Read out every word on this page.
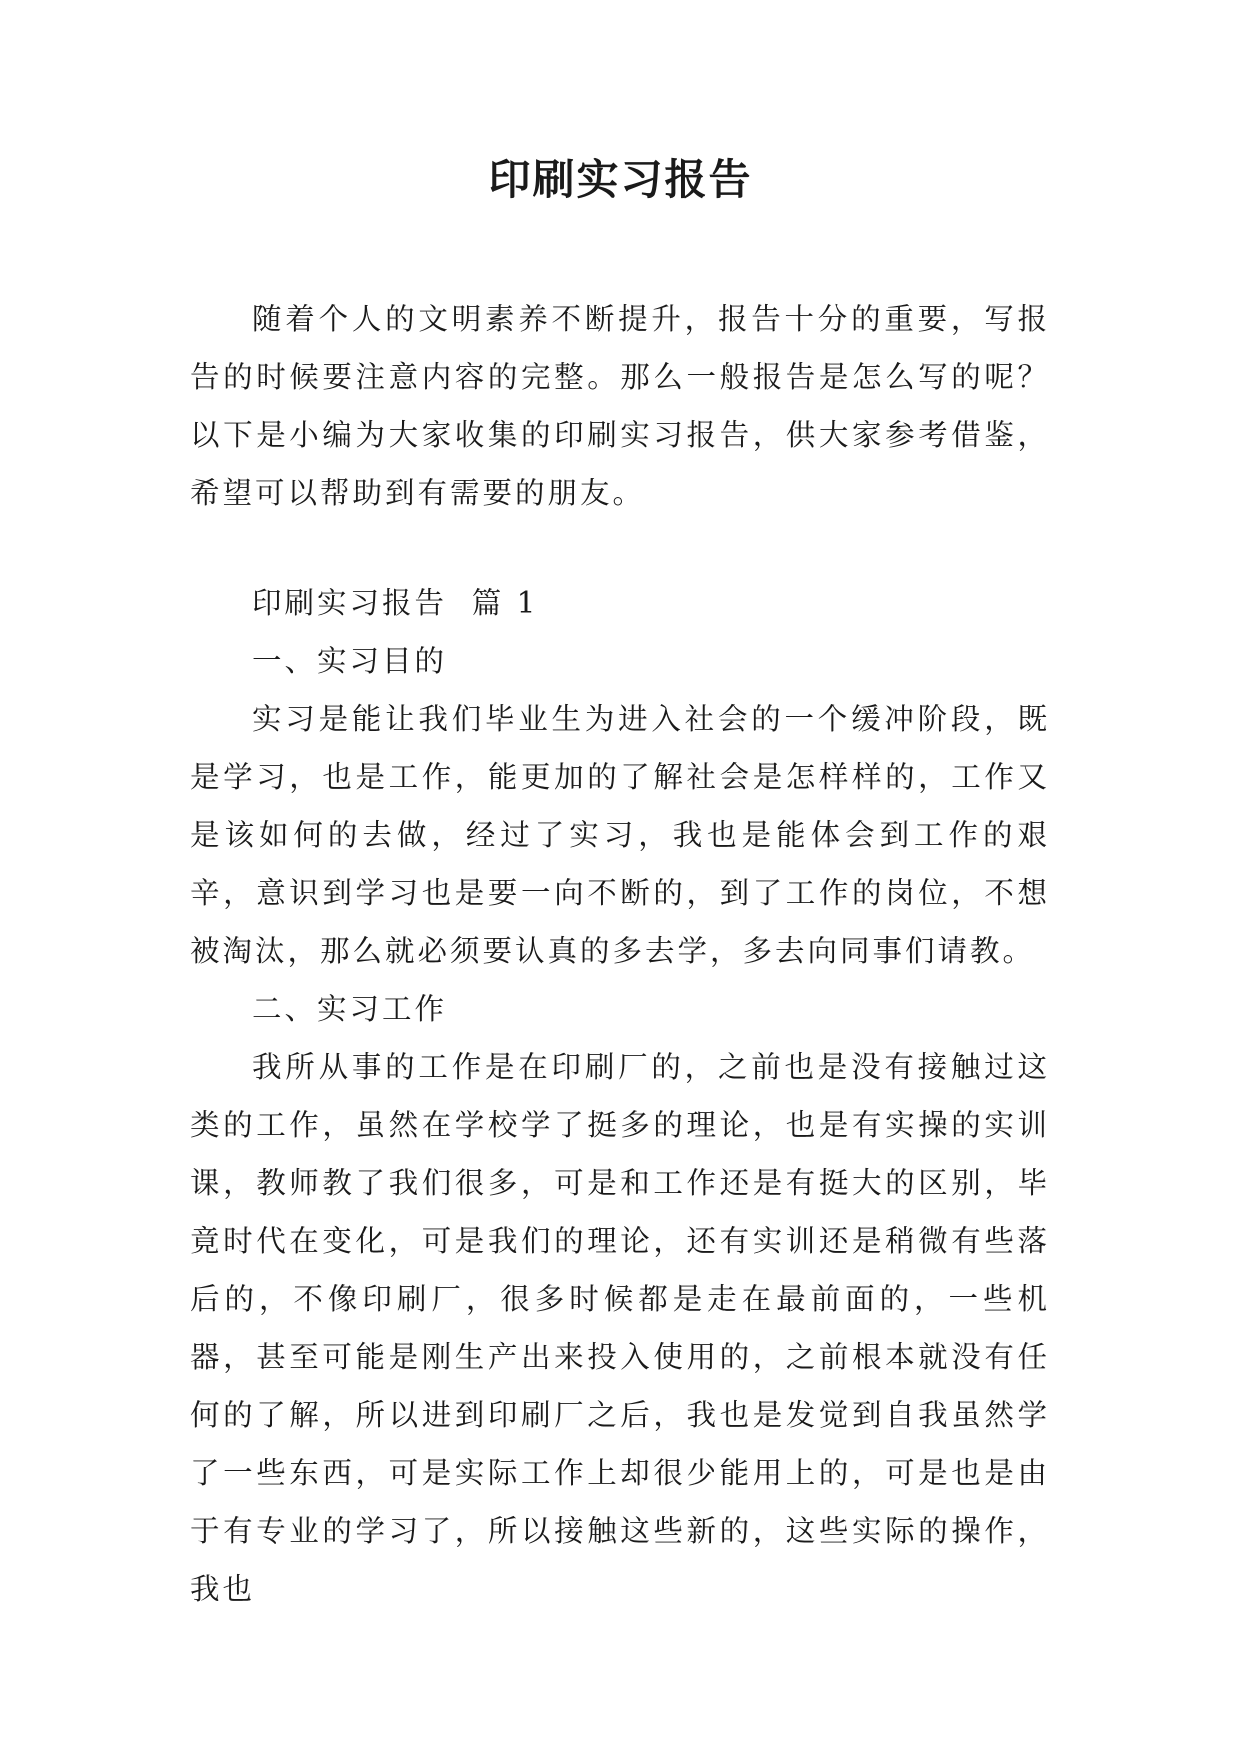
印刷实习报告

随着个人的文明素养不断提升，报告十分的重要，写报告的时候要注意内容的完整。那么一般报告是怎么写的呢？以下是小编为大家收集的印刷实习报告，供大家参考借鉴，希望可以帮助到有需要的朋友。

印刷实习报告  篇 1

一、实习目的

实习是能让我们毕业生为进入社会的一个缓冲阶段，既是学习，也是工作，能更加的了解社会是怎样样的，工作又是该如何的去做，经过了实习，我也是能体会到工作的艰辛，意识到学习也是要一向不断的，到了工作的岗位，不想被淘汰，那么就必须要认真的多去学，多去向同事们请教。

二、实习工作

我所从事的工作是在印刷厂的，之前也是没有接触过这类的工作，虽然在学校学了挺多的理论，也是有实操的实训课，教师教了我们很多，可是和工作还是有挺大的区别，毕竟时代在变化，可是我们的理论，还有实训还是稍微有些落后的，不像印刷厂，很多时候都是走在最前面的，一些机器，甚至可能是刚生产出来投入使用的，之前根本就没有任何的了解，所以进到印刷厂之后，我也是发觉到自我虽然学了一些东西，可是实际工作上却很少能用上的，可是也是由于有专业的学习了，所以接触这些新的，这些实际的操作，我也
